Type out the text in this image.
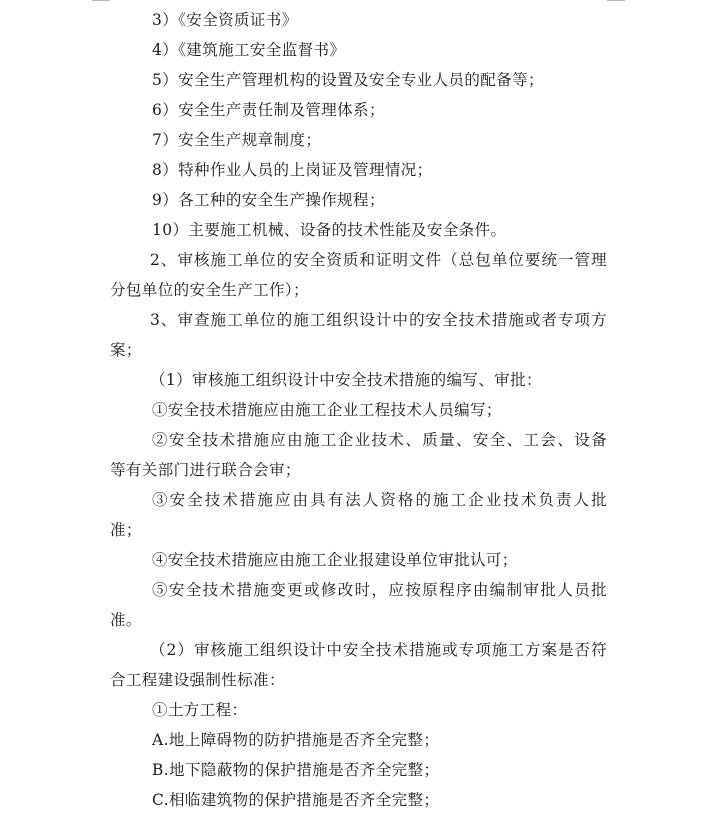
3）《安全资质证书》
4）《建筑施工安全监督书》
5）安全生产管理机构的设置及安全专业人员的配备等；
6）安全生产责任制及管理体系；
7）安全生产规章制度；
8）特种作业人员的上岗证及管理情况；
9）各工种的安全生产操作规程；
10）主要施工机械、设备的技术性能及安全条件。
2、审核施工单位的安全资质和证明文件（总包单位要统一管理
分包单位的安全生产工作）；
3、审查施工单位的施工组织设计中的安全技术措施或者专项方
案；
（1）审核施工组织设计中安全技术措施的编写、审批：
①安全技术措施应由施工企业工程技术人员编写；
②安全技术措施应由施工企业技术、质量、安全、工会、设备
等有关部门进行联合会审；
③安全技术措施应由具有法人资格的施工企业技术负责人批
准；
④安全技术措施应由施工企业报建设单位审批认可；
⑤安全技术措施变更或修改时，应按原程序由编制审批人员批
准。
（2）审核施工组织设计中安全技术措施或专项施工方案是否符
合工程建设强制性标准：
①土方工程：
A.地上障碍物的防护措施是否齐全完整；
B.地下隐蔽物的保护措施是否齐全完整；
C.相临建筑物的保护措施是否齐全完整；
